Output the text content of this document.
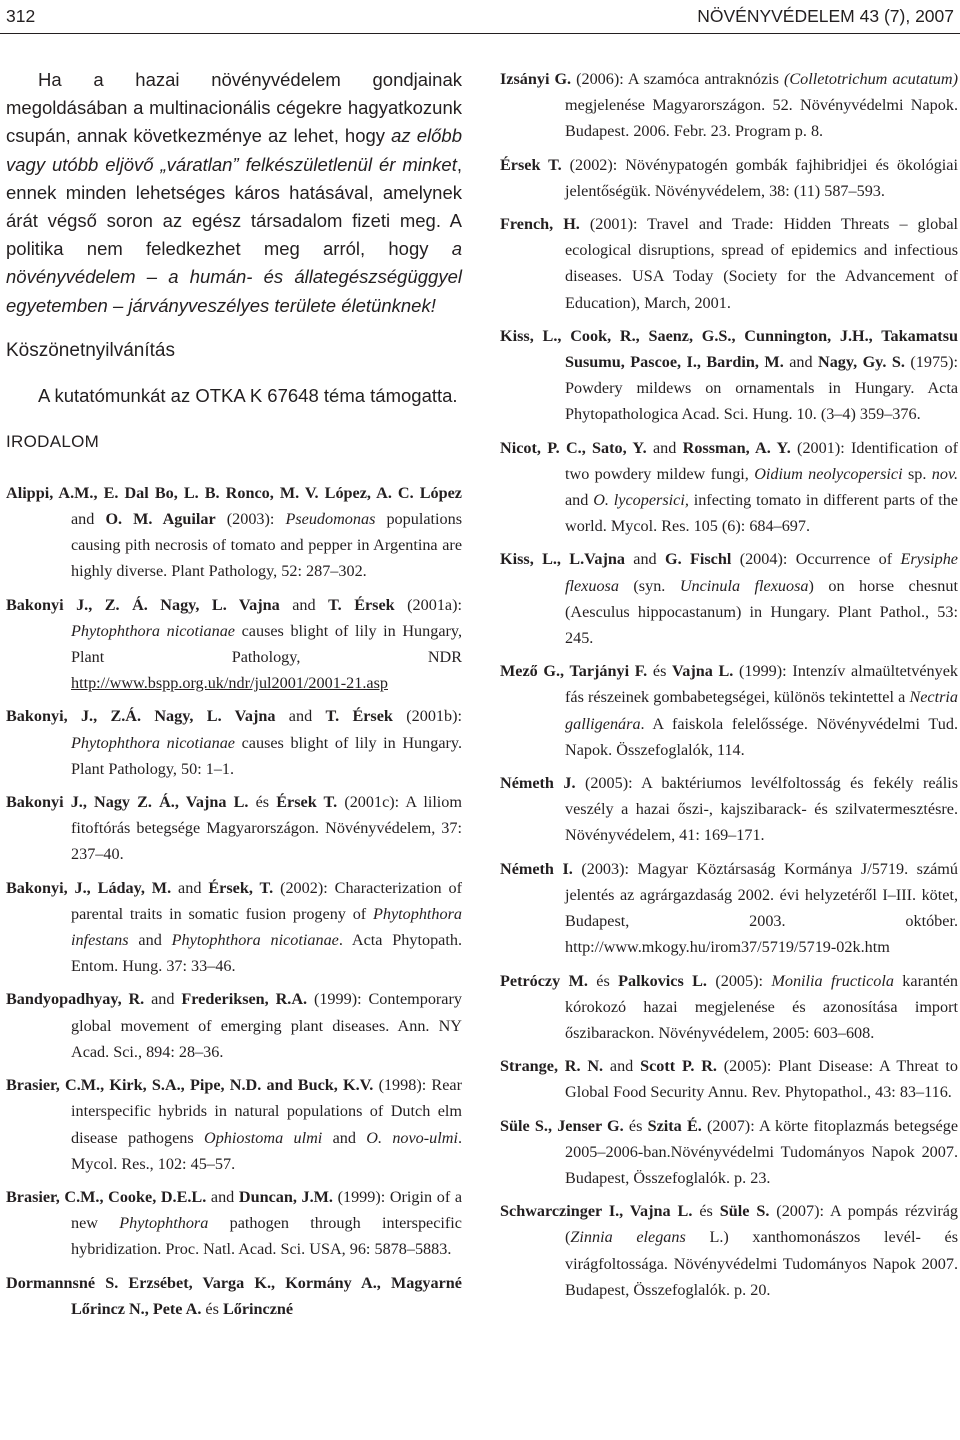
312	NÖVÉNYVÉDELEM 43 (7), 2007

Ha a hazai növényvédelem gondjainak megoldásában a multinacionális cégekre hagyatkozunk csupán, annak következménye az lehet, hogy az előbb vagy utóbb eljövő „váratlan” felkészületlenül ér minket, ennek minden lehetséges káros hatásával, amelynek árát végső soron az egész társadalom fizeti meg. A politika nem feledkezhet meg arról, hogy a növényvédelem – a humán- és állategészségüggyel egyetemben – járványveszélyes területe életünknek!

Köszönetnyilvánítás

A kutatómunkát az OTKA K 67648 téma támogatta.

IRODALOM

Alippi, A.M., E. Dal Bo, L. B. Ronco, M. V. López, A. C. López and O. M. Aguilar (2003): Pseudomonas populations causing pith necrosis of tomato and pepper in Argentina are highly diverse. Plant Pathology, 52: 287–302.

Bakonyi J., Z. Á. Nagy, L. Vajna and T. Érsek (2001a): Phytophthora nicotianae causes blight of lily in Hungary, Plant Pathology, NDR http://www.bspp.org.uk/ndr/jul2001/2001-21.asp

Bakonyi, J., Z.Á. Nagy, L. Vajna and T. Érsek (2001b): Phytophthora nicotianae causes blight of lily in Hungary. Plant Pathology, 50: 1–1.

Bakonyi J., Nagy Z. Á., Vajna L. és Érsek T. (2001c): A liliom fitoftórás betegsége Magyarországon. Növényvédelem, 37: 237–40.

Bakonyi, J., Láday, M. and Érsek, T. (2002): Characterization of parental traits in somatic fusion progeny of Phytophthora infestans and Phytophthora nicotianae. Acta Phytopath. Entom. Hung. 37: 33–46.

Bandyopadhyay, R. and Frederiksen, R.A. (1999): Contemporary global movement of emerging plant diseases. Ann. NY Acad. Sci., 894: 28–36.

Brasier, C.M., Kirk, S.A., Pipe, N.D. and Buck, K.V. (1998): Rear interspecific hybrids in natural populations of Dutch elm disease pathogens Ophiostoma ulmi and O. novo-ulmi. Mycol. Res., 102: 45–57.

Brasier, C.M., Cooke, D.E.L. and Duncan, J.M. (1999): Origin of a new Phytophthora pathogen through interspecific hybridization. Proc. Natl. Acad. Sci. USA, 96: 5878–5883.

Dormannsné S. Erzsébet, Varga K., Kormány A., Magyarné Lőrincz N., Pete A. és Lőrinczné

Izsányi G. (2006): A szamóca antraknózis (Colletotrichum acutatum) megjelenése Magyarországon. 52. Növényvédelmi Napok. Budapest. 2006. Febr. 23. Program p. 8.

Érsek T. (2002): Növénypatogén gombák fajhibridjei és ökológiai jelentőségük. Növényvédelem, 38: (11) 587–593.

French, H. (2001): Travel and Trade: Hidden Threats – global ecological disruptions, spread of epidemics and infectious diseases. USA Today (Society for the Advancement of Education), March, 2001.

Kiss, L., Cook, R., Saenz, G.S., Cunnington, J.H., Takamatsu Susumu, Pascoe, I., Bardin, M. and Nagy, Gy. S. (1975): Powdery mildews on ornamentals in Hungary. Acta Phytopathologica Acad. Sci. Hung. 10. (3–4) 359–376.

Nicot, P. C., Sato, Y. and Rossman, A. Y. (2001): Identification of two powdery mildew fungi, Oidium neolycopersici sp. nov. and O. lycopersici, infecting tomato in different parts of the world. Mycol. Res. 105 (6): 684–697.

Kiss, L., L.Vajna and G. Fischl (2004): Occurrence of Erysiphe flexuosa (syn. Uncinula flexuosa) on horse chesnut (Aesculus hippocastanum) in Hungary. Plant Pathol., 53: 245.

Mező G., Tarjányi F. és Vajna L. (1999): Intenzív almaültetvények fás részeinek gombabetegségei, különös tekintettel a Nectria galligenára. A faiskola felelőssége. Növényvédelmi Tud. Napok. Összefoglalók, 114.

Németh J. (2005): A baktériumos levélfoltosság és fekély reális veszély a hazai őszi-, kajszibarack- és szilvatermesztésre. Növényvédelem, 41: 169–171.

Németh I. (2003): Magyar Köztársaság Kormánya J/5719. számú jelentés az agrárgazdaság 2002. évi helyzetéről I–III. kötet, Budapest, 2003. október. http://www.mkogy.hu/irom37/5719/5719-02k.htm

Petróczy M. és Palkovics L. (2005): Monilia fructicola karantén kórokozó hazai megjelenése és azonosítása import őszibarackon. Növényvédelem, 2005: 603–608.

Strange, R. N. and Scott P. R. (2005): Plant Disease: A Threat to Global Food Security Annu. Rev. Phytopathol., 43: 83–116.

Süle S., Jenser G. és Szita É. (2007): A körte fitoplazmás betegsége 2005–2006-ban.Növényvédelmi Tudományos Napok 2007. Budapest, Összefoglalók. p. 23.

Schwarczinger I., Vajna L. és Süle S. (2007): A pompás rézvirág (Zinnia elegans L.) xanthomonászos levél- és virágfoltossága. Növényvédelmi Tudományos Napok 2007. Budapest, Összefoglalók. p. 20.
